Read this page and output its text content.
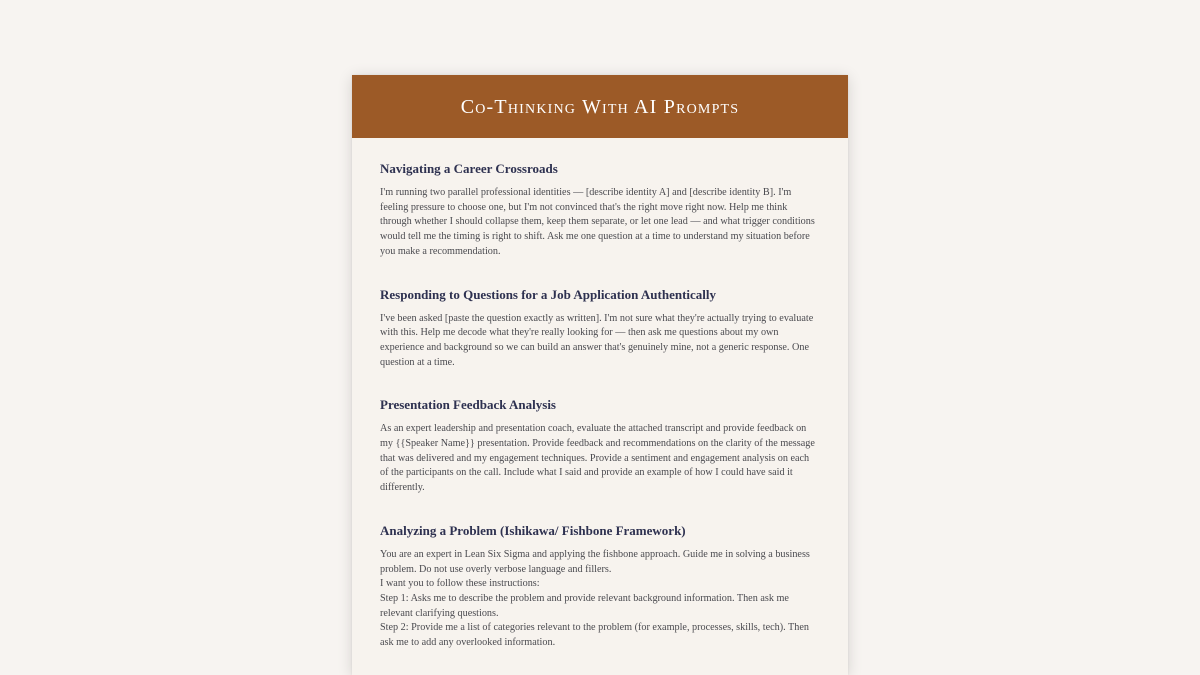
Co-Thinking With AI Prompts
Navigating a Career Crossroads

I'm running two parallel professional identities — [describe identity A] and [describe identity B]. I'm feeling pressure to choose one, but I'm not convinced that's the right move right now. Help me think through whether I should collapse them, keep them separate, or let one lead — and what trigger conditions would tell me the timing is right to shift. Ask me one question at a time to understand my situation before you make a recommendation.

Responding to Questions for a Job Application Authentically

I've been asked [paste the question exactly as written]. I'm not sure what they're actually trying to evaluate with this. Help me decode what they're really looking for — then ask me questions about my own experience and background so we can build an answer that's genuinely mine, not a generic response. One question at a time.

Presentation Feedback Analysis

As an expert leadership and presentation coach, evaluate the attached transcript and provide feedback on my {{Speaker Name}} presentation. Provide feedback and recommendations on the clarity of the message that was delivered and my engagement techniques. Provide a sentiment and engagement analysis on each of the participants on the call. Include what I said and provide an example of how I could have said it differently.

Analyzing a Problem (Ishikawa/ Fishbone Framework)
You are an expert in Lean Six Sigma and applying the fishbone approach. Guide me in solving a business problem. Do not use overly verbose language and fillers.
I want you to follow these instructions:
Step 1: Asks me to describe the problem and provide relevant background information. Then ask me relevant clarifying questions.
Step 2: Provide me a list of categories relevant to the problem (for example, processes, skills, tech). Then ask me to add any overlooked information.
